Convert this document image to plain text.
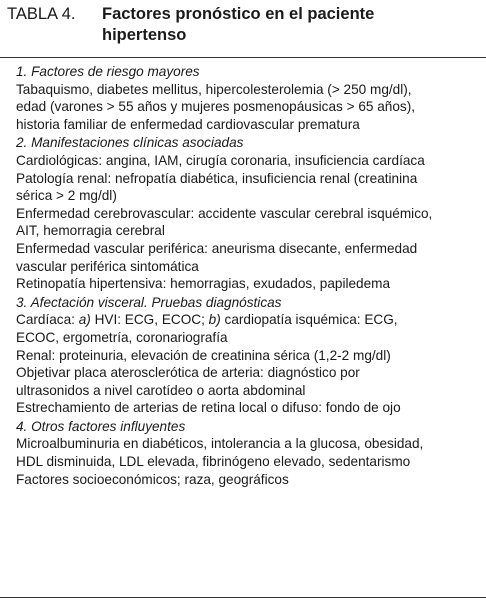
TABLA 4. Factores pronóstico en el paciente hipertenso
1. Factores de riesgo mayores
Tabaquismo, diabetes mellitus, hipercolesterolemia (> 250 mg/dl),
edad (varones > 55 años y mujeres posmenopáusicas > 65 años),
historia familiar de enfermedad cardiovascular prematura
2. Manifestaciones clínicas asociadas
Cardiológicas: angina, IAM, cirugía coronaria, insuficiencia cardíaca
Patología renal: nefropatía diabética, insuficiencia renal (creatinina
sérica > 2 mg/dl)
Enfermedad cerebrovascular: accidente vascular cerebral isquémico,
AIT, hemorragia cerebral
Enfermedad vascular periférica: aneurisma disecante, enfermedad
vascular periférica sintomática
Retinopatía hipertensiva: hemorragias, exudados, papiledema
3. Afectación visceral. Pruebas diagnósticas
Cardíaca: a) HVI: ECG, ECOC; b) cardiopatía isquémica: ECG,
ECOC, ergometría, coronariografía
Renal: proteinuria, elevación de creatinina sérica (1,2-2 mg/dl)
Objetivar placa aterosclerótica de arteria: diagnóstico por
ultrasonidos a nivel carotídeo o aorta abdominal
Estrechamiento de arterias de retina local o difuso: fondo de ojo
4. Otros factores influyentes
Microalbuminuria en diabéticos, intolerancia a la glucosa, obesidad,
HDL disminuida, LDL elevada, fibrinógeno elevado, sedentarismo
Factores socioeconómicos; raza, geográficos
